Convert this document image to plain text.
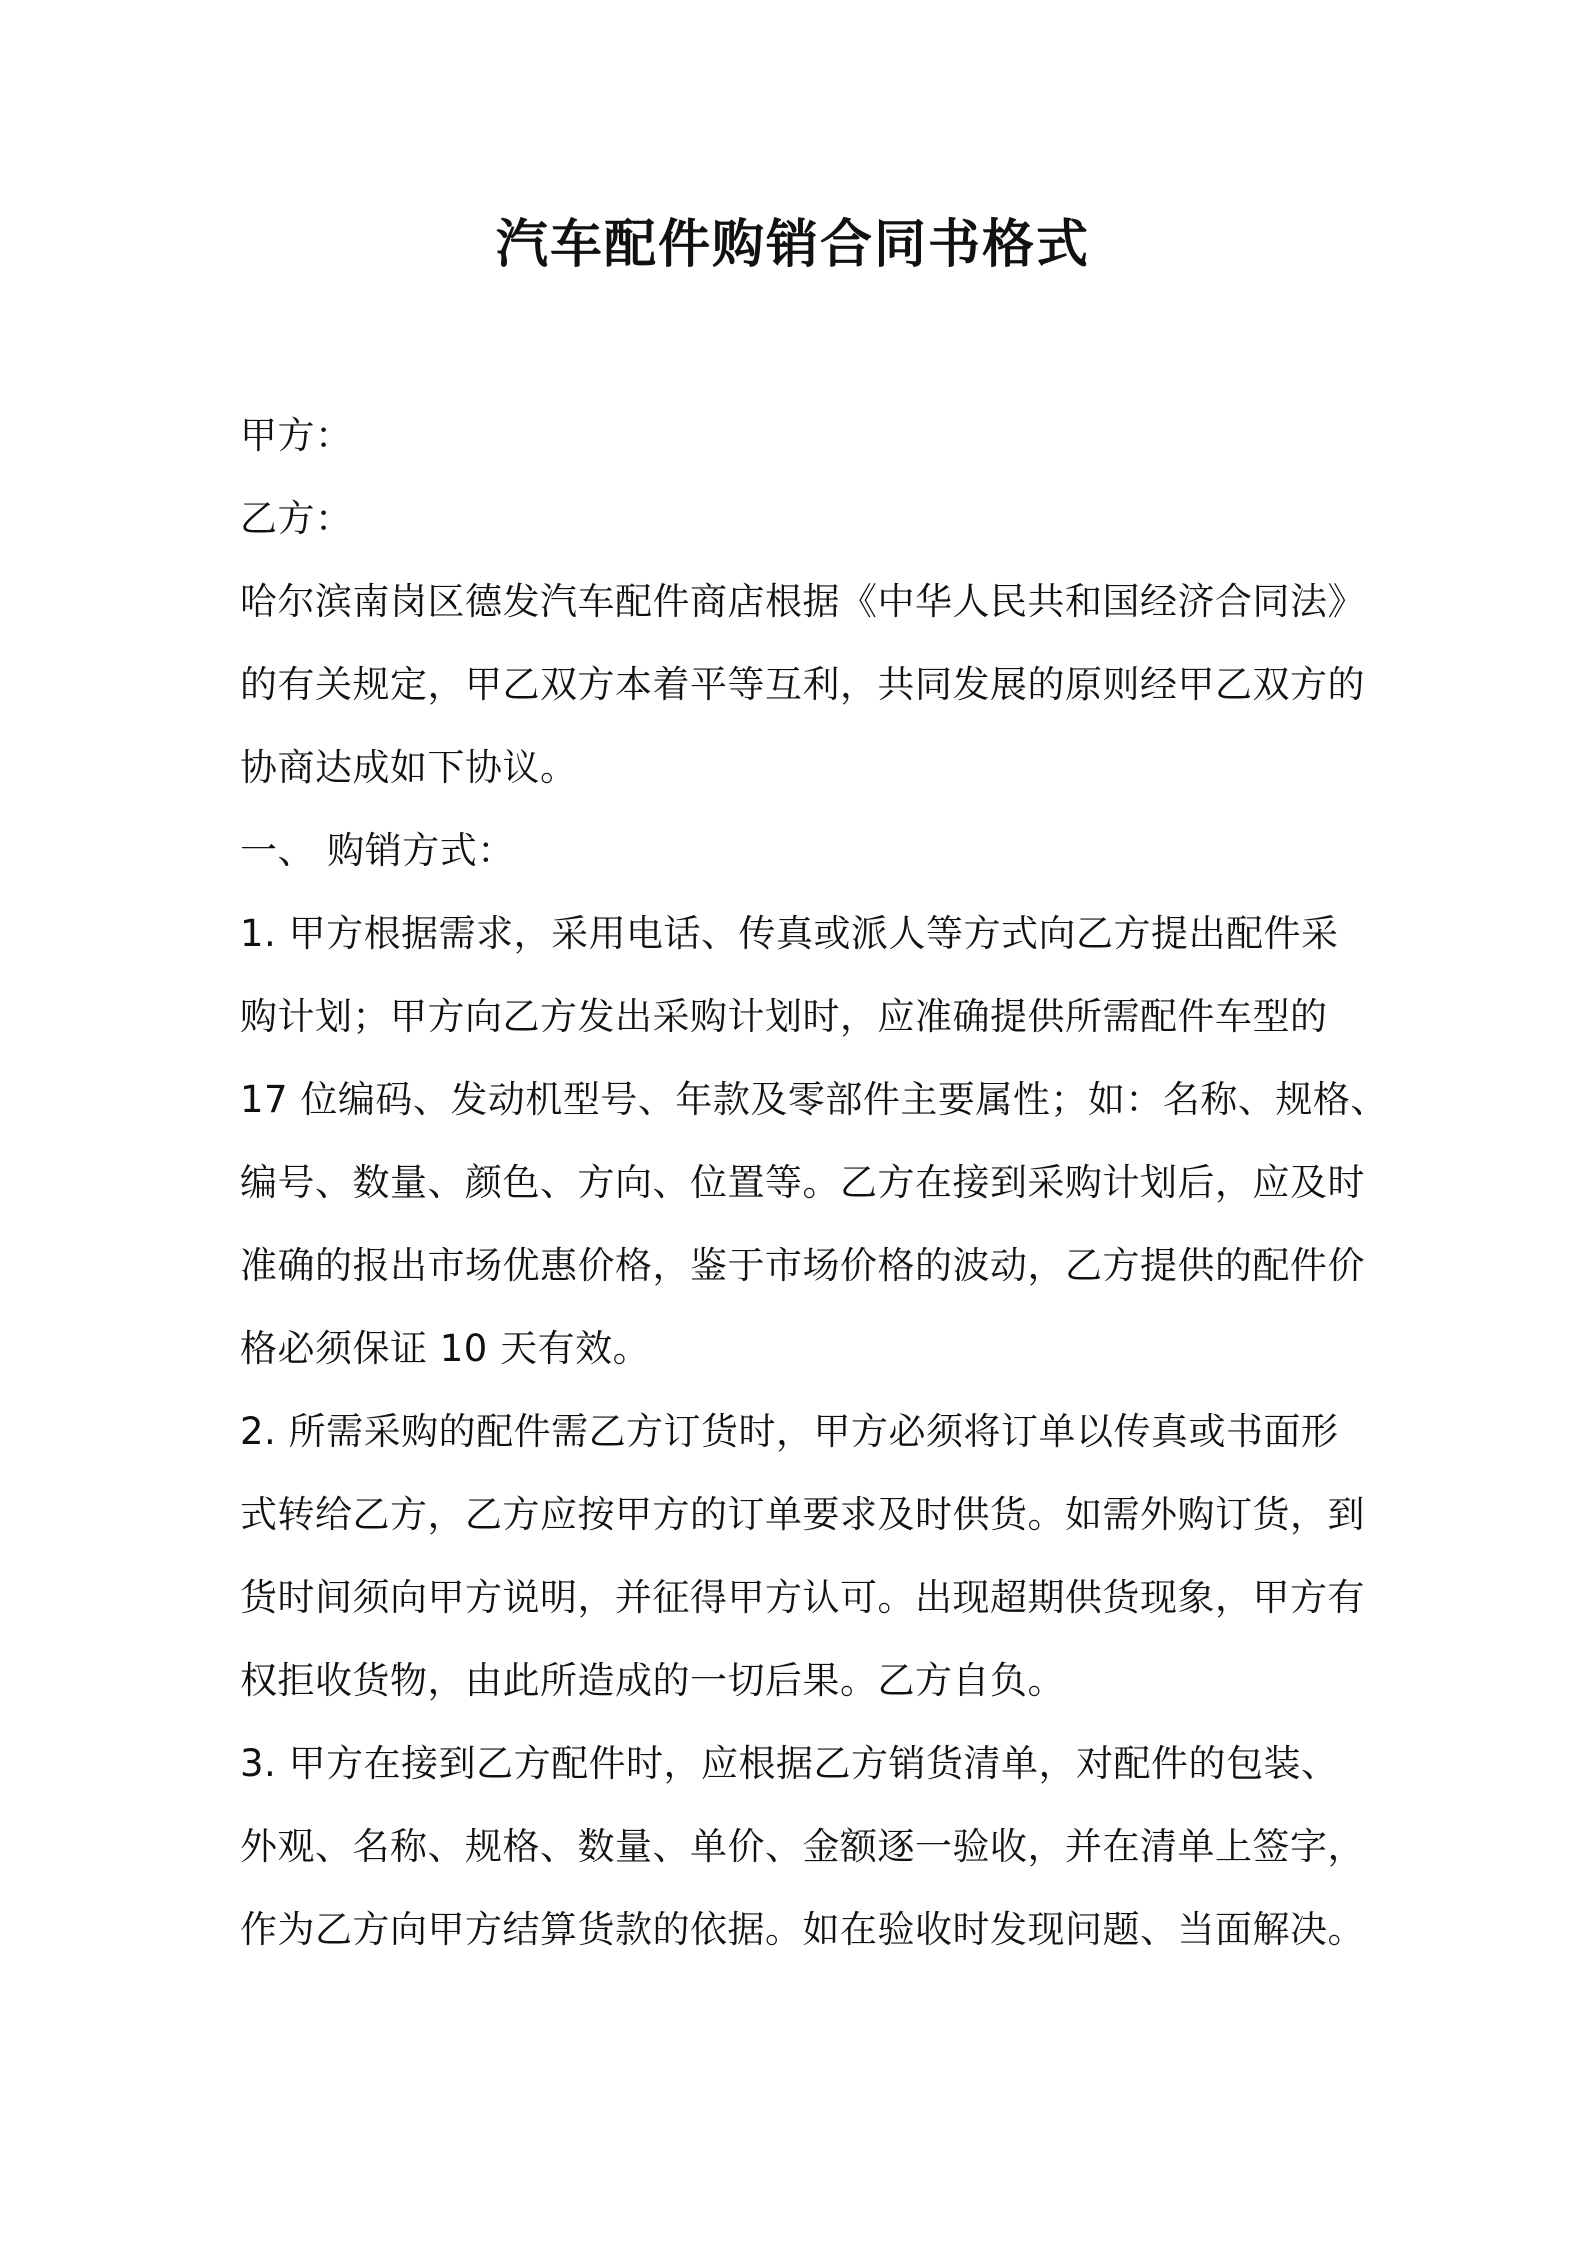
汽车配件购销合同书格式
甲方：
乙方：
哈尔滨南岗区德发汽车配件商店根据《中华人民共和国经济合同法》
的有关规定，甲乙双方本着平等互利，共同发展的原则经甲乙双方的
协商达成如下协议。
一、 购销方式：
1. 甲方根据需求，采用电话、传真或派人等方式向乙方提出配件采
购计划；甲方向乙方发出采购计划时，应准确提供所需配件车型的
17 位编码、发动机型号、年款及零部件主要属性；如：名称、规格、
编号、数量、颜色、方向、位置等。乙方在接到采购计划后，应及时
准确的报出市场优惠价格，鉴于市场价格的波动，乙方提供的配件价
格必须保证 10 天有效。
2. 所需采购的配件需乙方订货时，甲方必须将订单以传真或书面形
式转给乙方，乙方应按甲方的订单要求及时供货。如需外购订货，到
货时间须向甲方说明，并征得甲方认可。出现超期供货现象，甲方有
权拒收货物，由此所造成的一切后果。乙方自负。
3. 甲方在接到乙方配件时，应根据乙方销货清单，对配件的包装、
外观、名称、规格、数量、单价、金额逐一验收，并在清单上签字，
作为乙方向甲方结算货款的依据。如在验收时发现问题、当面解决。
